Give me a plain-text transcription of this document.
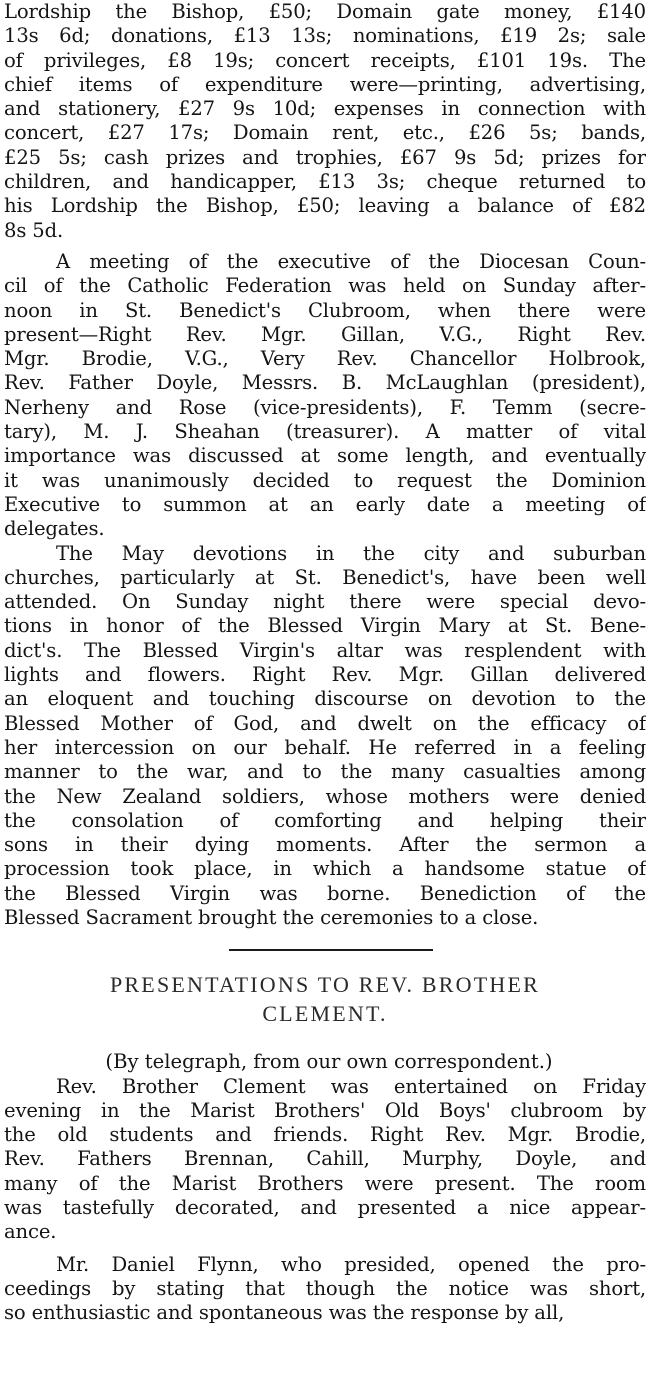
Lordship the Bishop, £50; Domain gate money, £140
13s 6d; donations, £13 13s; nominations, £19 2s; sale
of privileges, £8 19s; concert receipts, £101 19s. The
chief items of expenditure were—printing, advertising,
and stationery, £27 9s 10d; expenses in connection with
concert, £27 17s; Domain rent, etc., £26 5s; bands,
£25 5s; cash prizes and trophies, £67 9s 5d; prizes for
children, and handicapper, £13 3s; cheque returned to
his Lordship the Bishop, £50; leaving a balance of £82
8s 5d.

A meeting of the executive of the Diocesan Coun-
cil of the Catholic Federation was held on Sunday after-
noon in St. Benedict's Clubroom, when there were
present—Right Rev. Mgr. Gillan, V.G., Right Rev.
Mgr. Brodie, V.G., Very Rev. Chancellor Holbrook,
Rev. Father Doyle, Messrs. B. McLaughlan (president),
Nerheny and Rose (vice-presidents), F. Temm (secre-
tary), M. J. Sheahan (treasurer). A matter of vital
importance was discussed at some length, and eventually
it was unanimously decided to request the Dominion
Executive to summon at an early date a meeting of
delegates.

The May devotions in the city and suburban
churches, particularly at St. Benedict's, have been well
attended. On Sunday night there were special devo-
tions in honor of the Blessed Virgin Mary at St. Bene-
dict's. The Blessed Virgin's altar was resplendent with
lights and flowers. Right Rev. Mgr. Gillan delivered
an eloquent and touching discourse on devotion to the
Blessed Mother of God, and dwelt on the efficacy of
her intercession on our behalf. He referred in a feeling
manner to the war, and to the many casualties among
the New Zealand soldiers, whose mothers were denied
the consolation of comforting and helping their
sons in their dying moments. After the sermon a
procession took place, in which a handsome statue of
the Blessed Virgin was borne. Benediction of the
Blessed Sacrament brought the ceremonies to a close.

PRESENTATIONS TO REV. BROTHER
CLEMENT.

(By telegraph, from our own correspondent.)

Rev. Brother Clement was entertained on Friday
evening in the Marist Brothers' Old Boys' clubroom by
the old students and friends. Right Rev. Mgr. Brodie,
Rev. Fathers Brennan, Cahill, Murphy, Doyle, and
many of the Marist Brothers were present. The room
was tastefully decorated, and presented a nice appear-
ance.

Mr. Daniel Flynn, who presided, opened the pro-
ceedings by stating that though the notice was short,
so enthusiastic and spontaneous was the response by all,
